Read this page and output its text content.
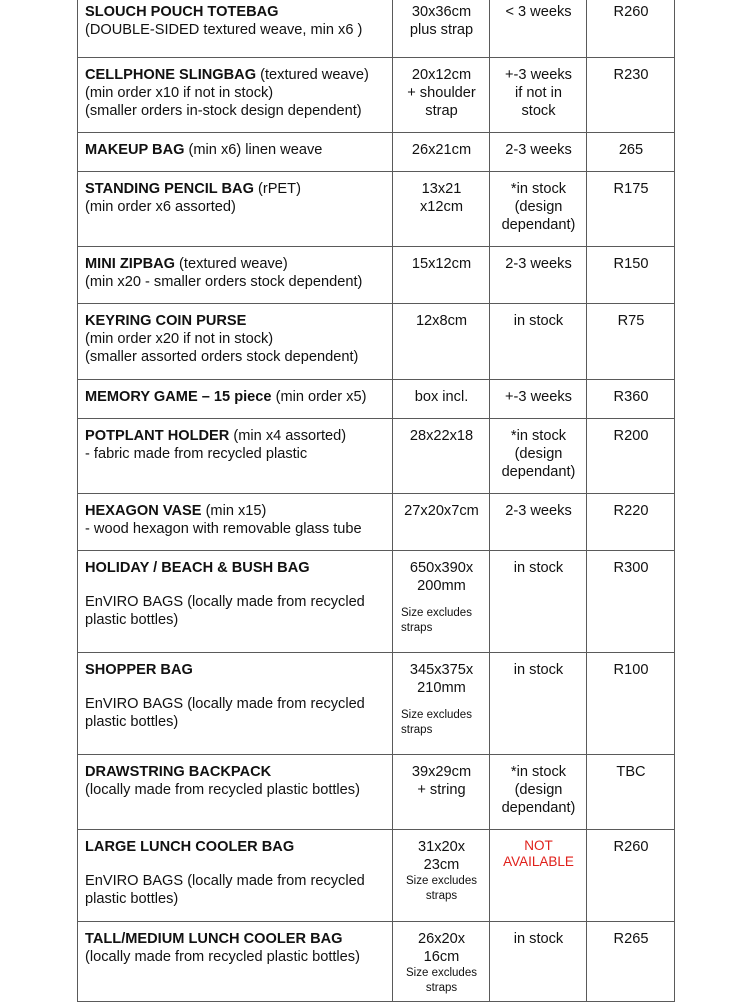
SLOUCH POUCH TOTEBAG
(DOUBLE-SIDED textured weave, min x6 )	30x36cm
plus strap	< 3 weeks	R260

CELLPHONE SLINGBAG (textured weave)
(min order x10 if not in stock)
(smaller orders in-stock design dependent)	20x12cm
+ shoulder
strap	+-3 weeks
if not in
stock	R230

MAKEUP BAG (min x6) linen weave	26x21cm	2-3 weeks	265

STANDING PENCIL BAG (rPET)
(min order x6 assorted)	13x21
x12cm	*in stock
(design
dependant)	R175

MINI ZIPBAG (textured weave)
(min x20 - smaller orders stock dependent)	15x12cm	2-3 weeks	R150

KEYRING COIN PURSE
(min order x20 if not in stock)
(smaller assorted orders stock dependent)	12x8cm	in stock	R75

MEMORY GAME – 15 piece (min order x5)	box incl.	+-3 weeks	R360

POTPLANT HOLDER (min x4 assorted)
- fabric made from recycled plastic	28x22x18	*in stock
(design
dependant)	R200

HEXAGON VASE (min x15)
- wood hexagon with removable glass tube	27x20x7cm	2-3 weeks	R220

HOLIDAY / BEACH & BUSH BAG
EnVIRO BAGS (locally made from recycled
plastic bottles)	650x390x
200mm
Size excludes
straps	in stock	R300

SHOPPER BAG
EnVIRO BAGS (locally made from recycled
plastic bottles)	345x375x
210mm
Size excludes
straps	in stock	R100

DRAWSTRING BACKPACK
(locally made from recycled plastic bottles)	39x29cm
+ string	*in stock
(design
dependant)	TBC

LARGE LUNCH COOLER BAG
EnVIRO BAGS (locally made from recycled
plastic bottles)	31x20x
23cm
Size excludes
straps	NOT
AVAILABLE	R260

TALL/MEDIUM LUNCH COOLER BAG
(locally made from recycled plastic bottles)	26x20x
16cm
Size excludes
straps	in stock	R265
